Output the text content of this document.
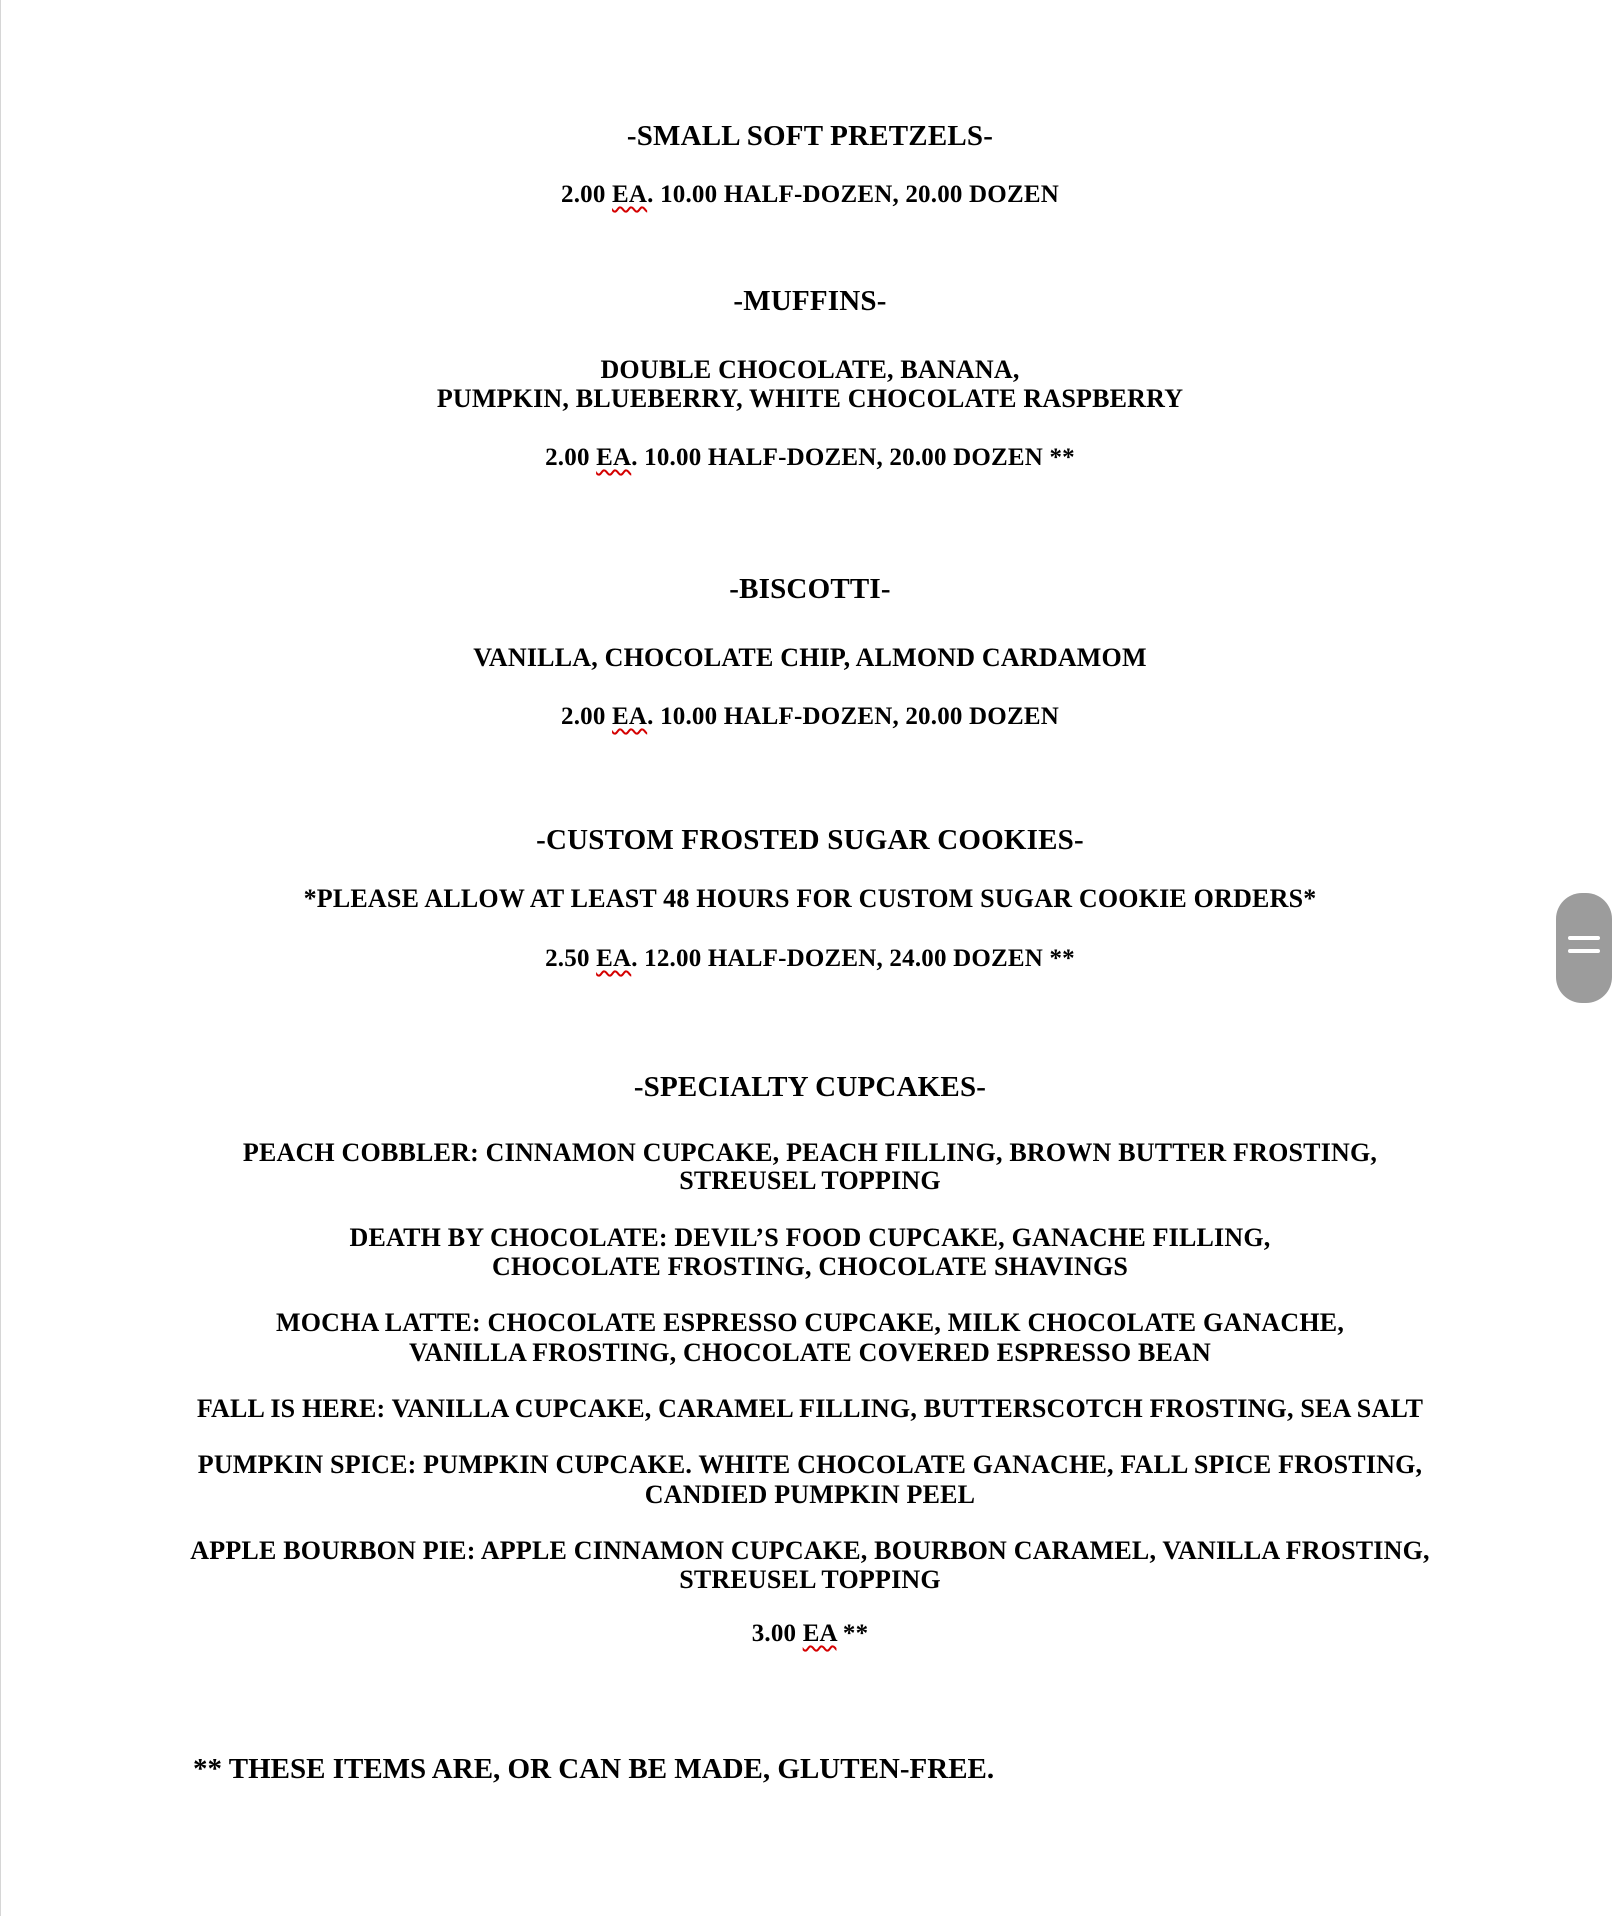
-SMALL SOFT PRETZELS-
2.00 EA. 10.00 HALF-DOZEN, 20.00 DOZEN
-MUFFINS-
DOUBLE CHOCOLATE, BANANA,
PUMPKIN, BLUEBERRY, WHITE CHOCOLATE RASPBERRY
2.00 EA. 10.00 HALF-DOZEN, 20.00 DOZEN **
-BISCOTTI-
VANILLA, CHOCOLATE CHIP, ALMOND CARDAMOM
2.00 EA. 10.00 HALF-DOZEN, 20.00 DOZEN
-CUSTOM FROSTED SUGAR COOKIES-
*PLEASE ALLOW AT LEAST 48 HOURS FOR CUSTOM SUGAR COOKIE ORDERS*
2.50 EA. 12.00 HALF-DOZEN, 24.00 DOZEN **
-SPECIALTY CUPCAKES-
PEACH COBBLER: CINNAMON CUPCAKE, PEACH FILLING, BROWN BUTTER FROSTING,
STREUSEL TOPPING
DEATH BY CHOCOLATE: DEVIL’S FOOD CUPCAKE, GANACHE FILLING,
CHOCOLATE FROSTING, CHOCOLATE SHAVINGS
MOCHA LATTE: CHOCOLATE ESPRESSO CUPCAKE, MILK CHOCOLATE GANACHE,
VANILLA FROSTING, CHOCOLATE COVERED ESPRESSO BEAN
FALL IS HERE: VANILLA CUPCAKE, CARAMEL FILLING, BUTTERSCOTCH FROSTING, SEA SALT
PUMPKIN SPICE: PUMPKIN CUPCAKE. WHITE CHOCOLATE GANACHE, FALL SPICE FROSTING,
CANDIED PUMPKIN PEEL
APPLE BOURBON PIE: APPLE CINNAMON CUPCAKE, BOURBON CARAMEL, VANILLA FROSTING,
STREUSEL TOPPING
3.00 EA **
** THESE ITEMS ARE, OR CAN BE MADE, GLUTEN-FREE.
